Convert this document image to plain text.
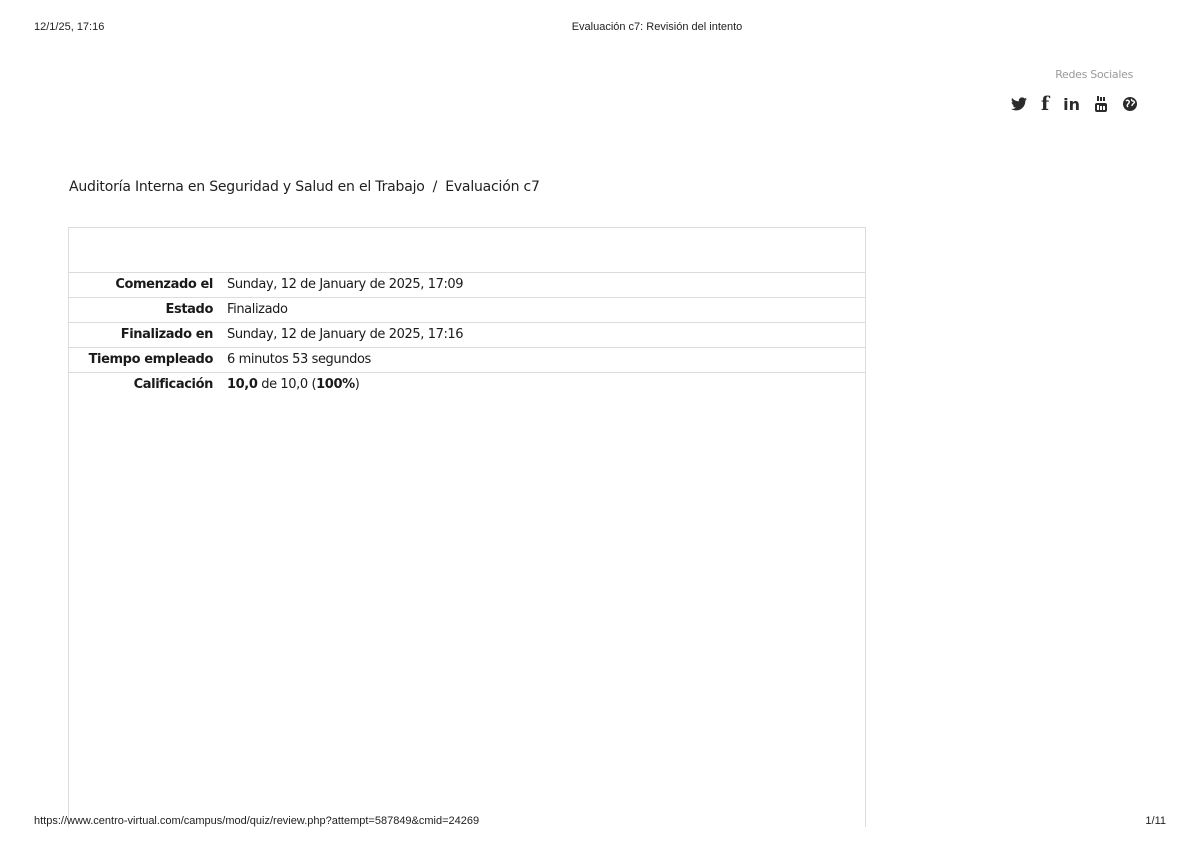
12/1/25, 17:16	Evaluación c7: Revisión del intento
Redes Sociales
f in
Auditoría Interna en Seguridad y Salud en el Trabajo / Evaluación c7
Comenzado el	Sunday, 12 de January de 2025, 17:09
Estado	Finalizado
Finalizado en	Sunday, 12 de January de 2025, 17:16
Tiempo empleado	6 minutos 53 segundos
Calificación	10,0 de 10,0 (100%)
https://www.centro-virtual.com/campus/mod/quiz/review.php?attempt=587849&cmid=24269	1/11
